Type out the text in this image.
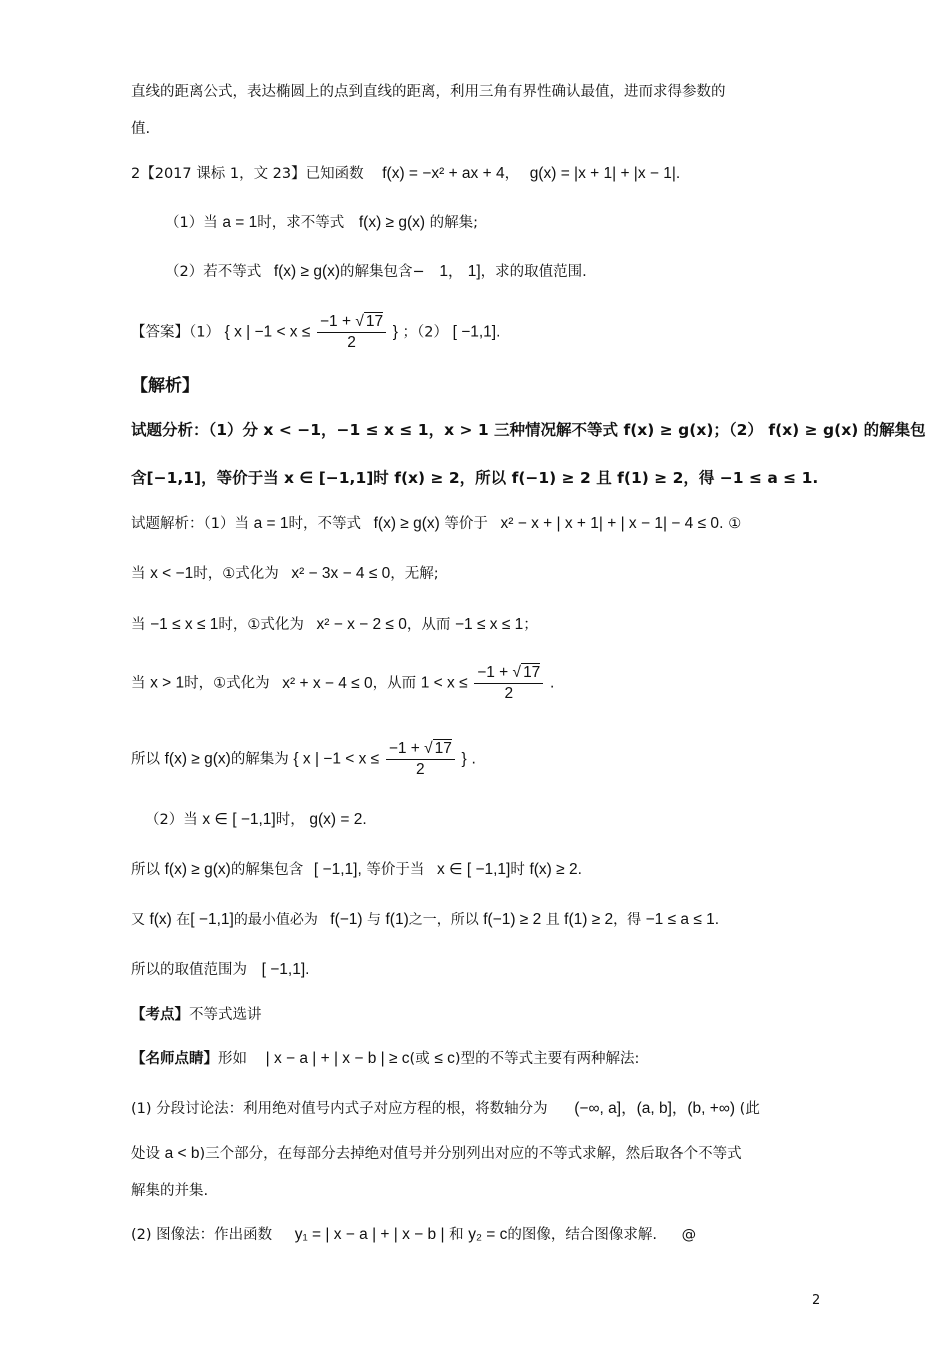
直线的距离公式，表达椭圆上的点到直线的距离，利用三角有界性确认最值，进而求得参数的
值.
2【2017 课标 1，文 23】已知函数 f(x) = −x² + ax + 4， g(x) = |x + 1| + |x − 1|.
（1）当 a = 1时，求不等式 f(x) ≥ g(x) 的解集;
（2）若不等式 f(x) ≥ g(x)的解集包含− 1， 1]，求的取值范围.
【答案】（1） { x | $-1 < x \le \frac{-1 + √ 17}{2}$ } ；（2） [ −1,1].
【解析】
试题分析：（1）分 x < −1，−1 ≤ x ≤ 1，x > 1 三种情况解不等式 f(x) ≥ g(x)；（2） f(x) ≥ g(x) 的解集包
含[−1,1]，等价于当 x ∈ [−1,1]时 f(x) ≥ 2，所以 f(−1) ≥ 2 且 f(1) ≥ 2，得 −1 ≤ a ≤ 1.
试题解析：（1）当 a = 1时，不等式 f(x) ≥ g(x) 等价于 x² − x + | x + 1| + | x − 1| − 4 ≤ 0. ①
当 x < −1时，①式化为 x² − 3x − 4 ≤ 0，无解;
当 −1 ≤ x ≤ 1时，①式化为 x² − x − 2 ≤ 0，从而 −1 ≤ x ≤ 1；
当 x > 1时，①式化为 x² + x − 4 ≤ 0，从而 $1 < x \le \frac{-1 + √ 17}{2}$ .
所以 f(x) ≥ g(x)的解集为 { x | $-1 < x \le \frac{-1 + √ 17}{2}$ } .
（2）当 x ∈ [ −1,1]时， g(x) = 2.
所以 f(x) ≥ g(x)的解集包含 [ −1,1], 等价于当 x ∈ [ −1,1]时 f(x) ≥ 2.
又 f(x) 在[ −1,1]的最小值必为 f(−1) 与 f(1)之一，所以 f(−1) ≥ 2 且 f(1) ≥ 2，得 −1 ≤ a ≤ 1.
所以的取值范围为 [ −1,1].
【考点】不等式选讲
【名师点睛】形如 | x − a | + | x − b | ≥ c(或 ≤ c)型的不等式主要有两种解法:
(1) 分段讨论法：利用绝对值号内式子对应方程的根，将数轴分为 (−∞, a]，(a, b]，(b, +∞) (此
处设 a < b)三个部分，在每部分去掉绝对值号并分别列出对应的不等式求解，然后取各个不等式
解集的并集.
(2) 图像法：作出函数 y₁ = | x − a | + | x − b | 和 y₂ = c的图像，结合图像求解. @
2
